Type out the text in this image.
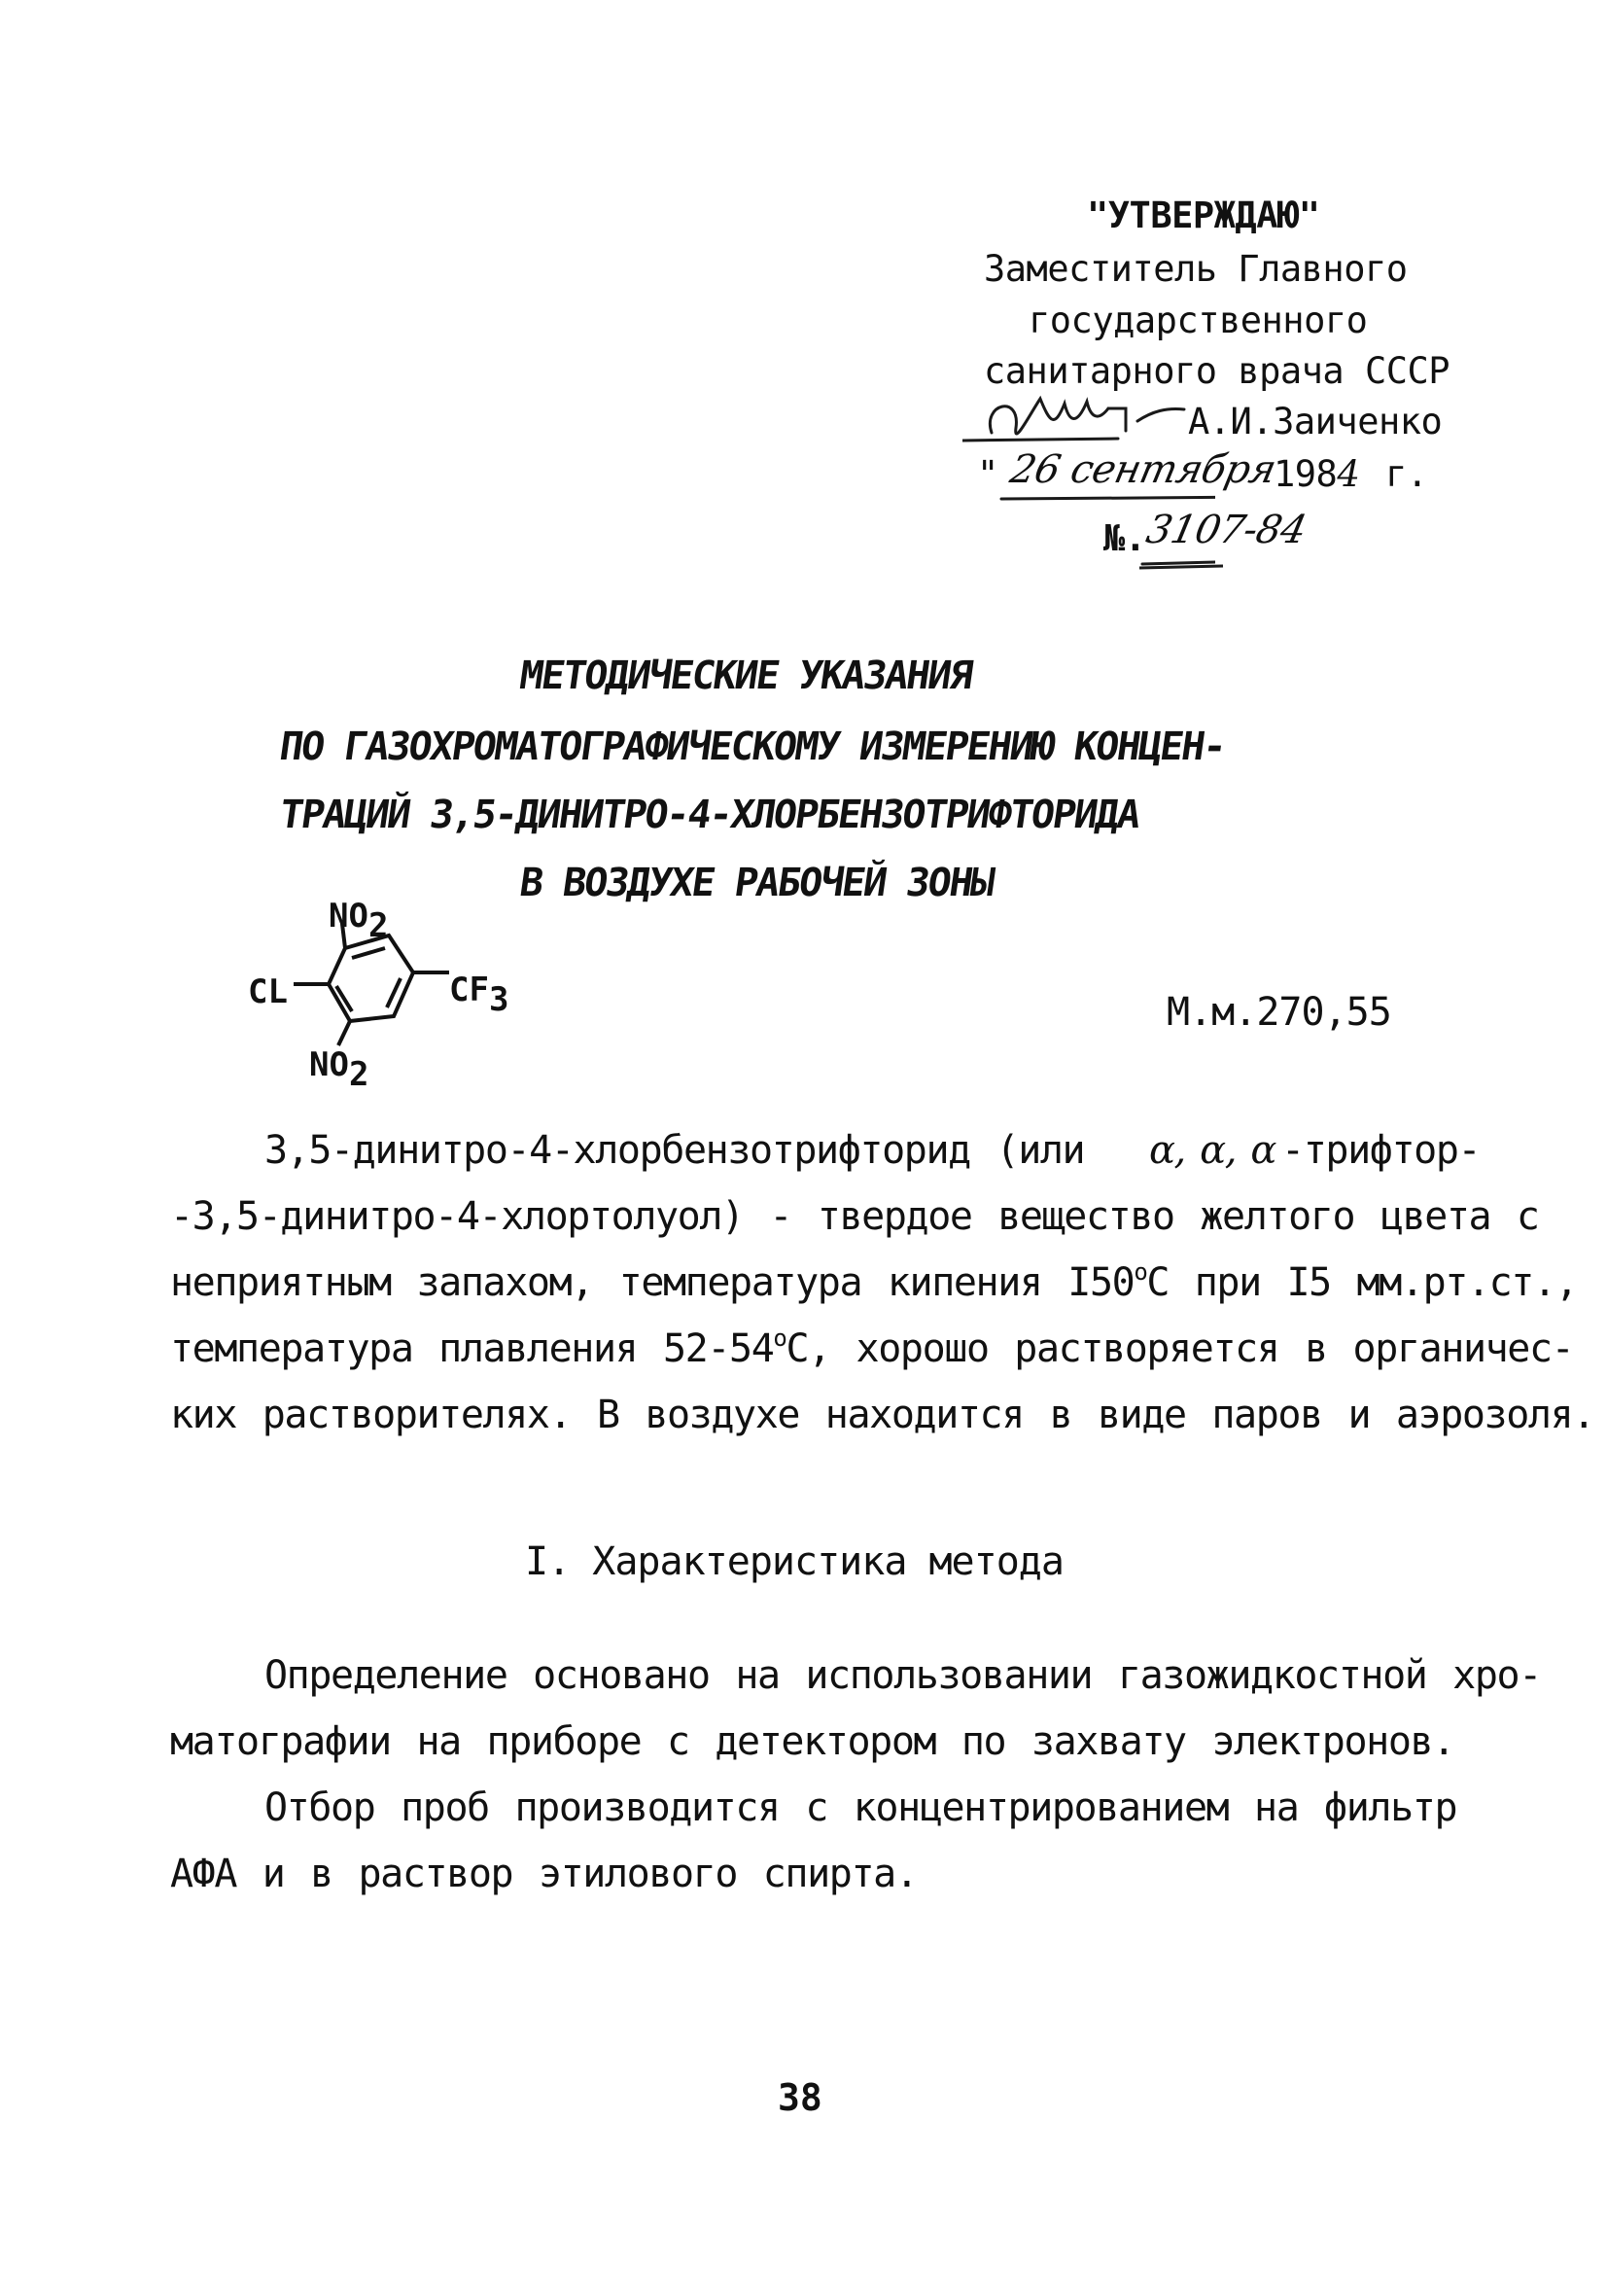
"УТВЕРЖДАЮ"
Заместитель Главного
государственного
санитарного врача СССР
А.И.Заиченко
" 26 сентября
1984 г.
№.
3107-84
МЕТОДИЧЕСКИЕ УКАЗАНИЯ
ПО ГАЗОХРОМАТОГРАФИЧЕСКОМУ ИЗМЕРЕНИЮ КОНЦЕН-
ТРАЦИЙ 3,5-ДИНИТРО-4-ХЛОРБЕНЗОТРИФТОРИДА
В ВОЗДУХЕ РАБОЧЕЙ ЗОНЫ
NO2
CL	CF3
NO2
М.м.270,55
3,5-динитро-4-хлорбензотрифторид (или α, α, α -трифтор-
-3,5-динитро-4-хлортолуол) - твердое вещество желтого цвета с
неприятным запахом, температура кипения I50$^o$С при I5 мм.рт.ст.,
температура плавления 52-54$^o$С, хорошо растворяется в органичес-
ких растворителях. В воздухе находится в виде паров и аэрозоля.
I. Характеристика метода
Определение основано на использовании газожидкостной хро-
матографии на приборе с детектором по захвату электронов.
Отбор проб производится с концентрированием на фильтр
АФА и в раствор этилового спирта.
38
